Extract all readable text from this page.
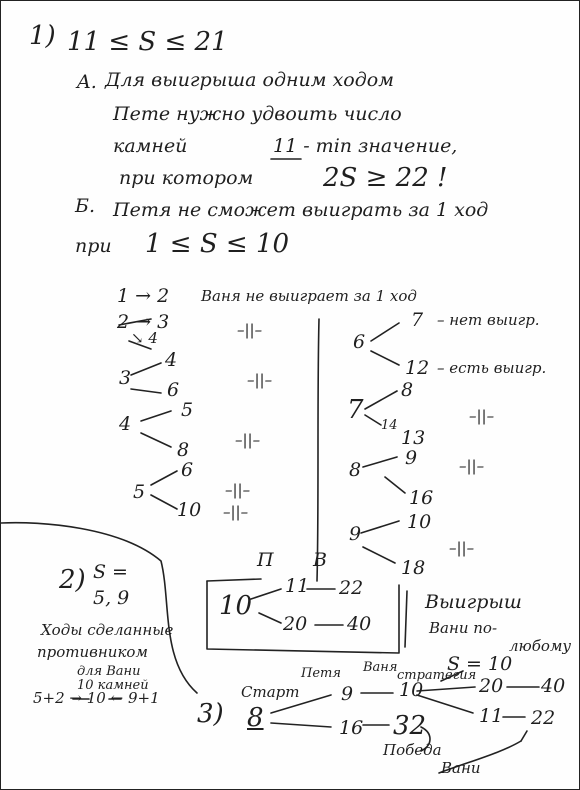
1) 11 ≤ S ≤ 21
A. Для выигрыша одним ходом
Пете нужно удвоить число
камней	11 - min значение,
при котором	2S ≥ 22 !
Б. Петя не сможет выиграть за 1 ход
при 1 ≤ S ≤ 10
1 → 2 Ваня не выиграет за 1 ход
2 → 3
↘ 4	–||–
4
3
6	–||–
5
4
8	–||–
6
5
10
–||–
–||–
6
7 – нет выигр.
12 – есть выигр.
7
8
14
–||–
13
8
9
16
–||–
9
10
18
–||–
П В
10
11 22
20 40
Выигрыш
Вани по-
любому
2) S =
5, 9
Ходы сделанные
противником
для Вани
10 камней
5+2 → 10 ← 9+1
3)
Старт
8
Петя Ваня
стратегия
S = 10
9
16 32
10	20 40
11 22
Победа
Вани
